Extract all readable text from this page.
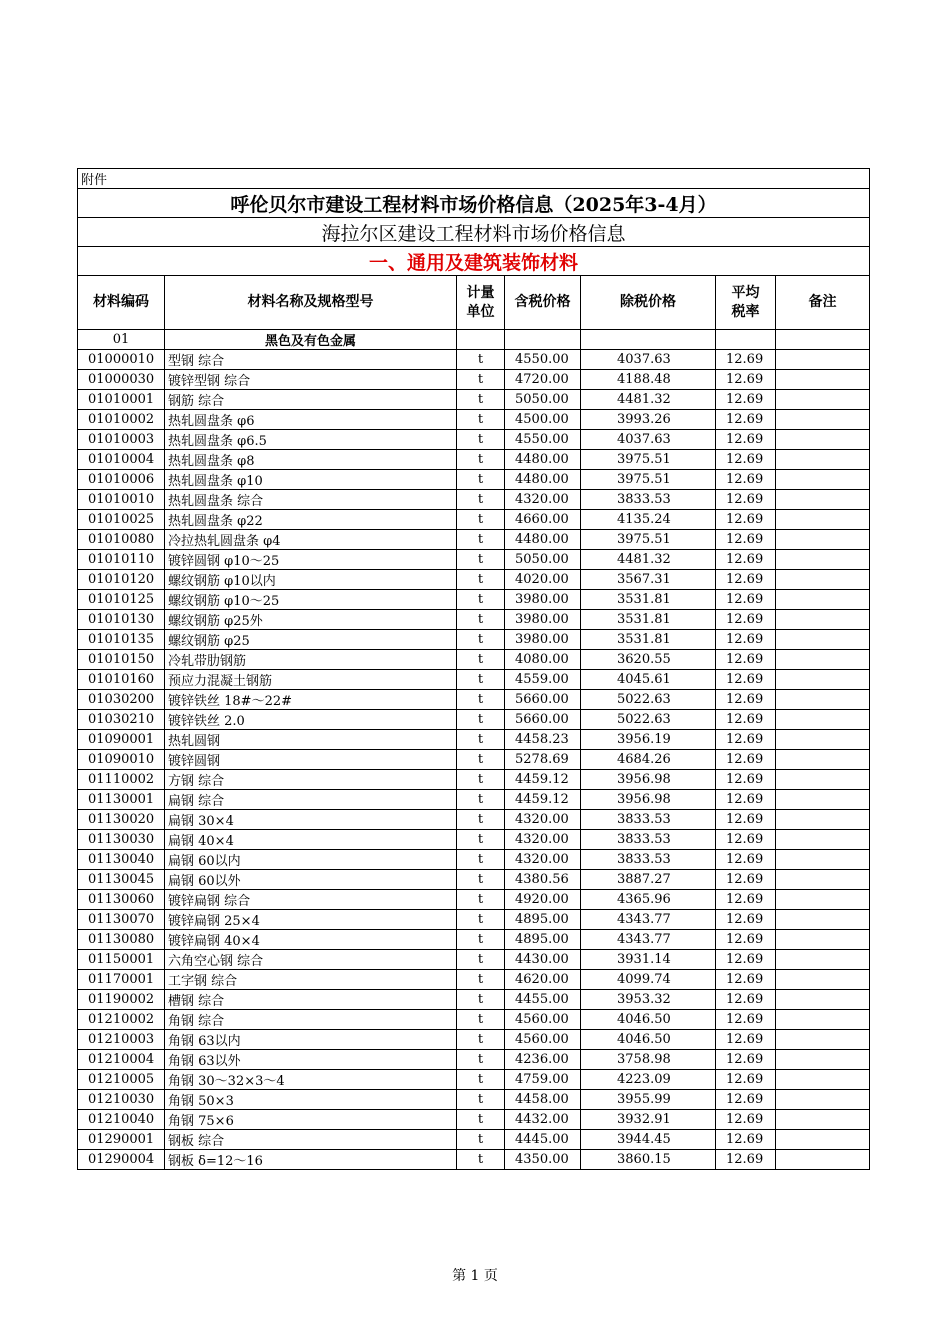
附件						
呼伦贝尔市建设工程材料市场价格信息（2025年3-4月）						
海拉尔区建设工程材料市场价格信息						
一、通用及建筑装饰材料						
材料编码	材料名称及规格型号	计量单位	含税价格	除税价格	平均税率	备注
01	黑色及有色金属					
01000010	型钢 综合	t	4550.00	4037.63	12.69	
01000030	镀锌型钢 综合	t	4720.00	4188.48	12.69	
01010001	钢筋 综合	t	5050.00	4481.32	12.69	
01010002	热轧圆盘条 φ6	t	4500.00	3993.26	12.69	
01010003	热轧圆盘条 φ6.5	t	4550.00	4037.63	12.69	
01010004	热轧圆盘条 φ8	t	4480.00	3975.51	12.69	
01010006	热轧圆盘条 φ10	t	4480.00	3975.51	12.69	
01010010	热轧圆盘条 综合	t	4320.00	3833.53	12.69	
01010025	热轧圆盘条 φ22	t	4660.00	4135.24	12.69	
01010080	冷拉热轧圆盘条 φ4	t	4480.00	3975.51	12.69	
01010110	镀锌圆钢 φ10～25	t	5050.00	4481.32	12.69	
01010120	螺纹钢筋 φ10以内	t	4020.00	3567.31	12.69	
01010125	螺纹钢筋 φ10～25	t	3980.00	3531.81	12.69	
01010130	螺纹钢筋 φ25外	t	3980.00	3531.81	12.69	
01010135	螺纹钢筋 φ25	t	3980.00	3531.81	12.69	
01010150	冷轧带肋钢筋	t	4080.00	3620.55	12.69	
01010160	预应力混凝土钢筋	t	4559.00	4045.61	12.69	
01030200	镀锌铁丝 18#～22#	t	5660.00	5022.63	12.69	
01030210	镀锌铁丝 2.0	t	5660.00	5022.63	12.69	
01090001	热轧圆钢	t	4458.23	3956.19	12.69	
01090010	镀锌圆钢	t	5278.69	4684.26	12.69	
01110002	方钢 综合	t	4459.12	3956.98	12.69	
01130001	扁钢 综合	t	4459.12	3956.98	12.69	
01130020	扁钢 30×4	t	4320.00	3833.53	12.69	
01130030	扁钢 40×4	t	4320.00	3833.53	12.69	
01130040	扁钢 60以内	t	4320.00	3833.53	12.69	
01130045	扁钢 60以外	t	4380.56	3887.27	12.69	
01130060	镀锌扁钢 综合	t	4920.00	4365.96	12.69	
01130070	镀锌扁钢 25×4	t	4895.00	4343.77	12.69	
01130080	镀锌扁钢 40×4	t	4895.00	4343.77	12.69	
01150001	六角空心钢 综合	t	4430.00	3931.14	12.69	
01170001	工字钢 综合	t	4620.00	4099.74	12.69	
01190002	槽钢 综合	t	4455.00	3953.32	12.69	
01210002	角钢 综合	t	4560.00	4046.50	12.69	
01210003	角钢 63以内	t	4560.00	4046.50	12.69	
01210004	角钢 63以外	t	4236.00	3758.98	12.69	
01210005	角钢 30～32×3～4	t	4759.00	4223.09	12.69	
01210030	角钢 50×3	t	4458.00	3955.99	12.69	
01210040	角钢 75×6	t	4432.00	3932.91	12.69	
01290001	钢板 综合	t	4445.00	3944.45	12.69	
01290004	钢板 δ=12～16	t	4350.00	3860.15	12.69	
第 1 页
